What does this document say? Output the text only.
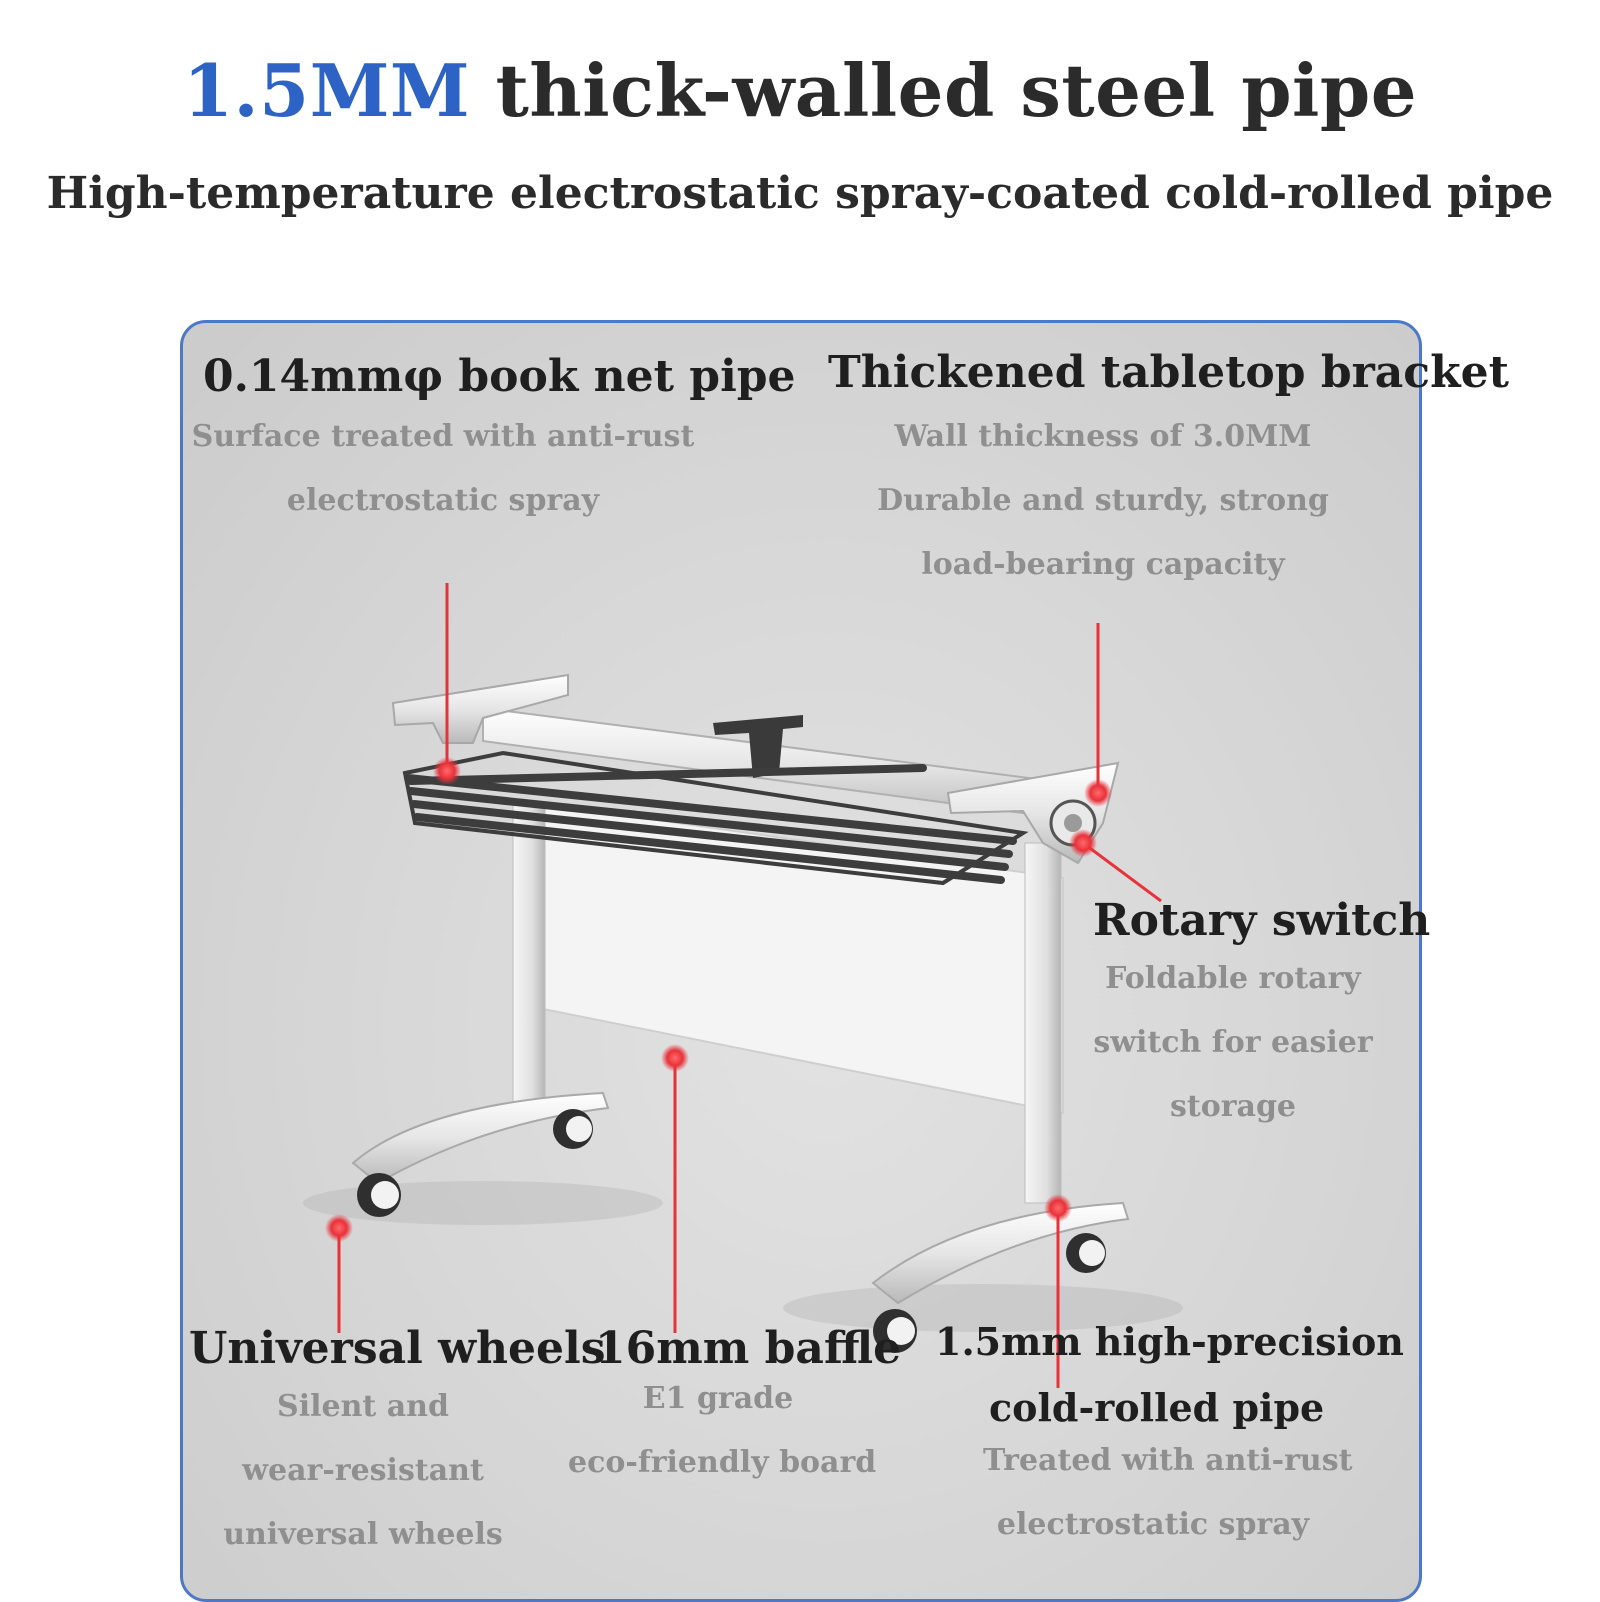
1.5MM thick-walled steel pipe
High-temperature electrostatic spray-coated cold-rolled pipe
0.14mmφ book net pipe
Surface treated with anti-rust
electrostatic spray
Thickened tabletop bracket
Wall thickness of 3.0MM
Durable and sturdy, strong
load-bearing capacity
Rotary switch
Foldable rotary
switch for easier
storage
Universal wheels
Silent and
wear-resistant
universal wheels
16mm baffle
E1 grade
eco-friendly board
1.5mm high-precision
cold-rolled pipe
Treated with anti-rust
electrostatic spray
